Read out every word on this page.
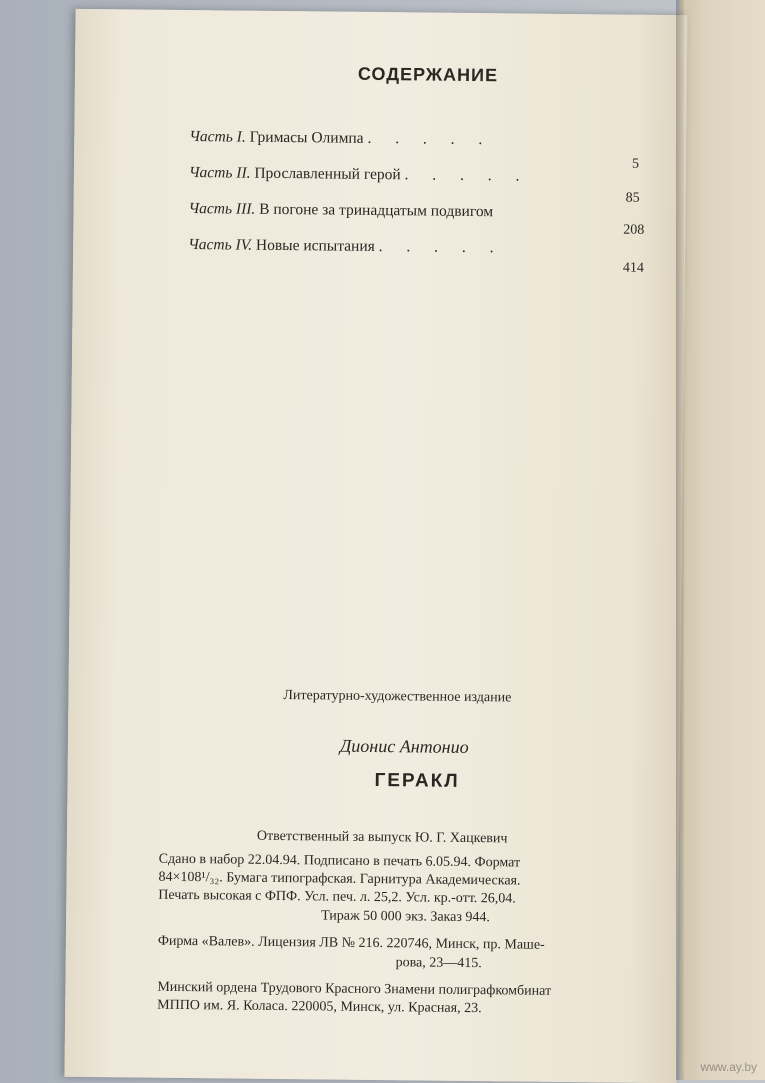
СОДЕРЖАНИЕ
Часть I. Гримасы Олимпа . . . . .
5
Часть II. Прославленный герой . . . . .
85
Часть III. В погоне за тринадцатым подвигом
208
Часть IV. Новые испытания . . . . .
414
Литературно-художественное издание
Дионис Антонио
ГЕРАКЛ
Ответственный за выпуск Ю. Г. Хацкевич
Сдано в набор 22.04.94. Подписано в печать 6.05.94. Формат
84×108¹/₃₂. Бумага типографская. Гарнитура Академическая.
Печать высокая с ФПФ. Усл. печ. л. 25,2. Усл. кр.-отт. 26,04.
Тираж 50 000 экз. Заказ 944.
Фирма «Валев». Лицензия ЛВ № 216. 220746, Минск, пр. Маше-
рова, 23—415.
Минский ордена Трудового Красного Знамени полиграфкомбинат
МППО им. Я. Коласа. 220005, Минск, ул. Красная, 23.
www.ay.by
